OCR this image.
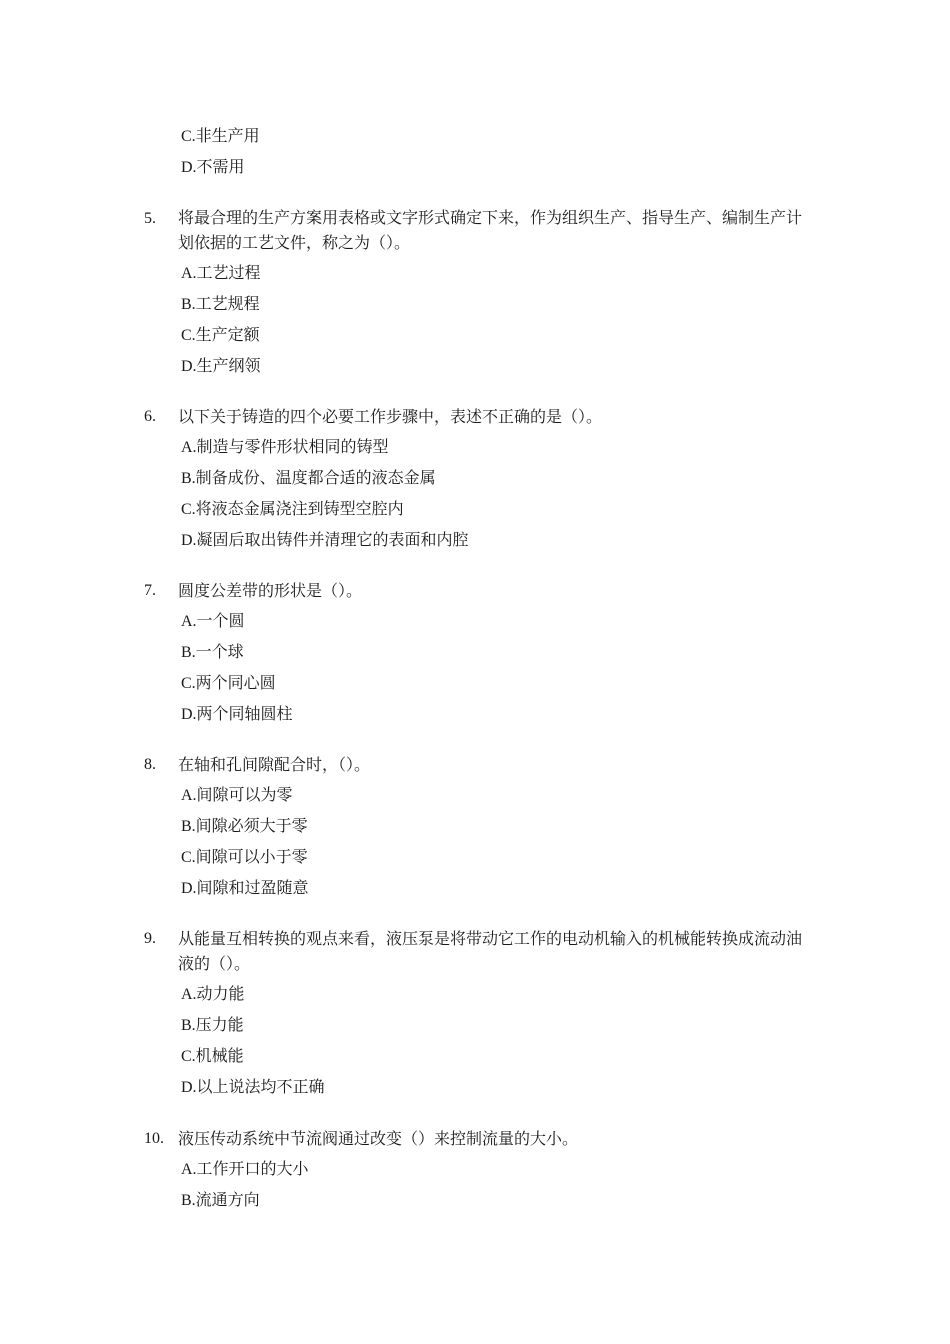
C.非生产用
D.不需用
5. 将最合理的生产方案用表格或文字形式确定下来，作为组织生产、指导生产、编制生产计划依据的工艺文件，称之为（）。
A.工艺过程
B.工艺规程
C.生产定额
D.生产纲领
6. 以下关于铸造的四个必要工作步骤中，表述不正确的是（）。
A.制造与零件形状相同的铸型
B.制备成份、温度都合适的液态金属
C.将液态金属浇注到铸型空腔内
D.凝固后取出铸件并清理它的表面和内腔
7. 圆度公差带的形状是（）。
A.一个圆
B.一个球
C.两个同心圆
D.两个同轴圆柱
8. 在轴和孔间隙配合时，（）。
A.间隙可以为零
B.间隙必须大于零
C.间隙可以小于零
D.间隙和过盈随意
9. 从能量互相转换的观点来看，液压泵是将带动它工作的电动机输入的机械能转换成流动油液的（）。
A.动力能
B.压力能
C.机械能
D.以上说法均不正确
10. 液压传动系统中节流阀通过改变（）来控制流量的大小。
A.工作开口的大小
B.流通方向
